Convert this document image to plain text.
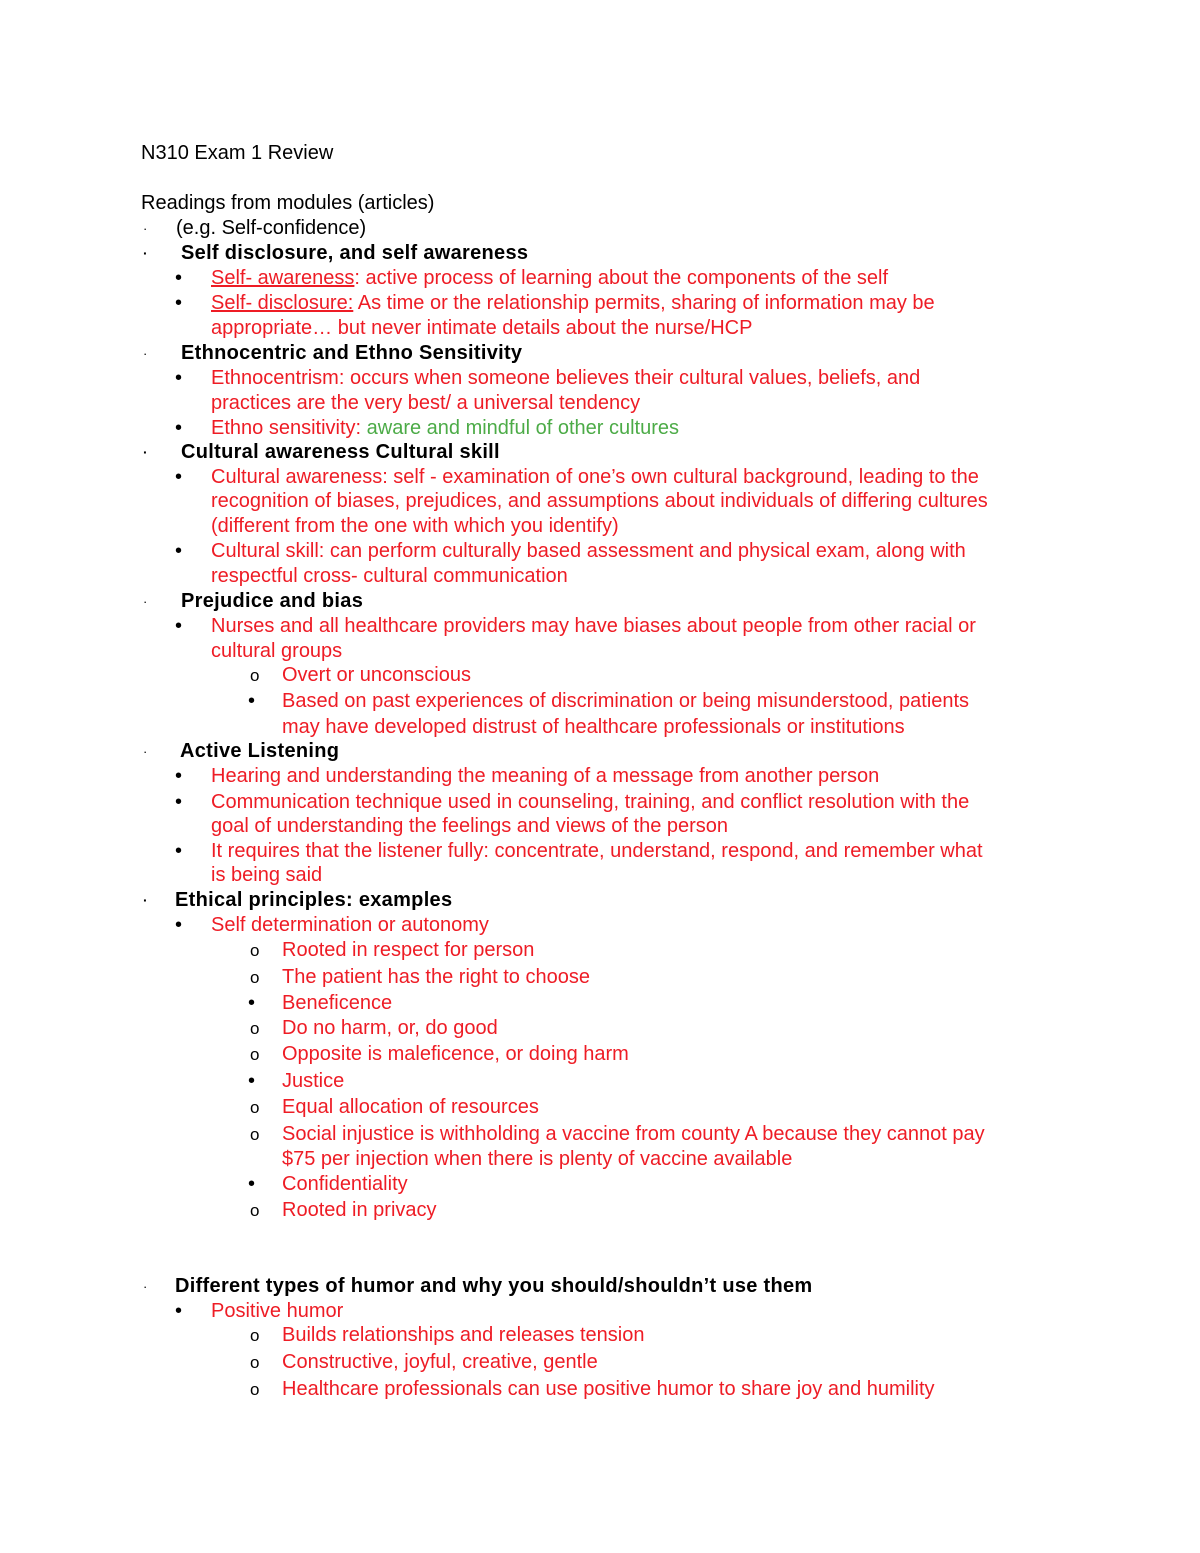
N310 Exam 1 Review
Readings from modules (articles)
· (e.g. Self-confidence)
· Self disclosure, and self awareness
• Self- awareness: active process of learning about the components of the self
• Self- disclosure: As time or the relationship permits, sharing of information may be
appropriate… but never intimate details about the nurse/HCP
· Ethnocentric and Ethno Sensitivity
• Ethnocentrism: occurs when someone believes their cultural values, beliefs, and
practices are the very best/ a universal tendency
• Ethno sensitivity: aware and mindful of other cultures
· Cultural awareness Cultural skill
• Cultural awareness: self - examination of one’s own cultural background, leading to the
recognition of biases, prejudices, and assumptions about individuals of differing cultures
(different from the one with which you identify)
• Cultural skill: can perform culturally based assessment and physical exam, along with
respectful cross- cultural communication
· Prejudice and bias
• Nurses and all healthcare providers may have biases about people from other racial or
cultural groups
o Overt or unconscious
• Based on past experiences of discrimination or being misunderstood, patients
may have developed distrust of healthcare professionals or institutions
· Active Listening
• Hearing and understanding the meaning of a message from another person
• Communication technique used in counseling, training, and conflict resolution with the
goal of understanding the feelings and views of the person
• It requires that the listener fully: concentrate, understand, respond, and remember what
is being said
· Ethical principles: examples
• Self determination or autonomy
o Rooted in respect for person
o The patient has the right to choose
• Beneficence
o Do no harm, or, do good
o Opposite is maleficence, or doing harm
• Justice
o Equal allocation of resources
o Social injustice is withholding a vaccine from county A because they cannot pay
$75 per injection when there is plenty of vaccine available
• Confidentiality
o Rooted in privacy
· Different types of humor and why you should/shouldn’t use them
• Positive humor
o Builds relationships and releases tension
o Constructive, joyful, creative, gentle
o Healthcare professionals can use positive humor to share joy and humility
